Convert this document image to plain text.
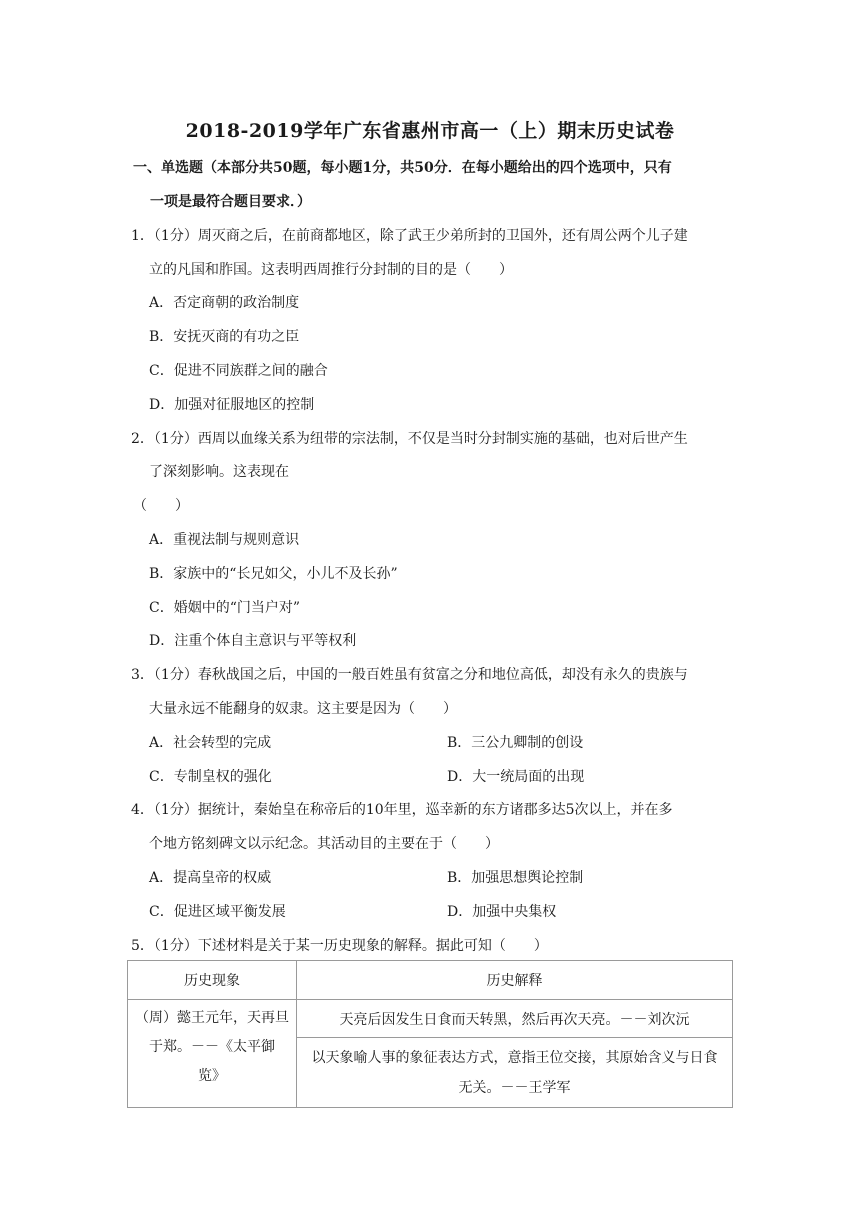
2018-2019学年广东省惠州市高一（上）期末历史试卷
一、单选题（本部分共50题，每小题1分，共50分．在每小题给出的四个选项中，只有
一项是最符合题目要求．）
1．（1分）周灭商之后，在前商都地区，除了武王少弟所封的卫国外，还有周公两个儿子建
立的凡国和胙国。这表明西周推行分封制的目的是（　　）
A．否定商朝的政治制度
B．安抚灭商的有功之臣
C．促进不同族群之间的融合
D．加强对征服地区的控制
2．（1分）西周以血缘关系为纽带的宗法制，不仅是当时分封制实施的基础，也对后世产生
了深刻影响。这表现在
（　　）
A．重视法制与规则意识
B．家族中的“长兄如父，小儿不及长孙”
C．婚姻中的“门当户对”
D．注重个体自主意识与平等权利
3．（1分）春秋战国之后，中国的一般百姓虽有贫富之分和地位高低，却没有永久的贵族与
大量永远不能翻身的奴隶。这主要是因为（　　）
A．社会转型的完成	B．三公九卿制的创设
C．专制皇权的强化	D．大一统局面的出现
4．（1分）据统计，秦始皇在称帝后的10年里，巡幸新的东方诸郡多达5次以上，并在多
个地方铭刻碑文以示纪念。其活动目的主要在于（　　）
A．提高皇帝的权威	B．加强思想舆论控制
C．促进区域平衡发展	D．加强中央集权
5．（1分）下述材料是关于某一历史现象的解释。据此可知（　　）
历史现象	历史解释

（周）懿王元年，天再旦
于郑。－－《太平御
览》	天亮后因发生日食而天转黑，然后再次天亮。－－刘次沅

	以天象喻人事的象征表达方式，意指王位交接，其原始含义与日食
无关。－－王学军
